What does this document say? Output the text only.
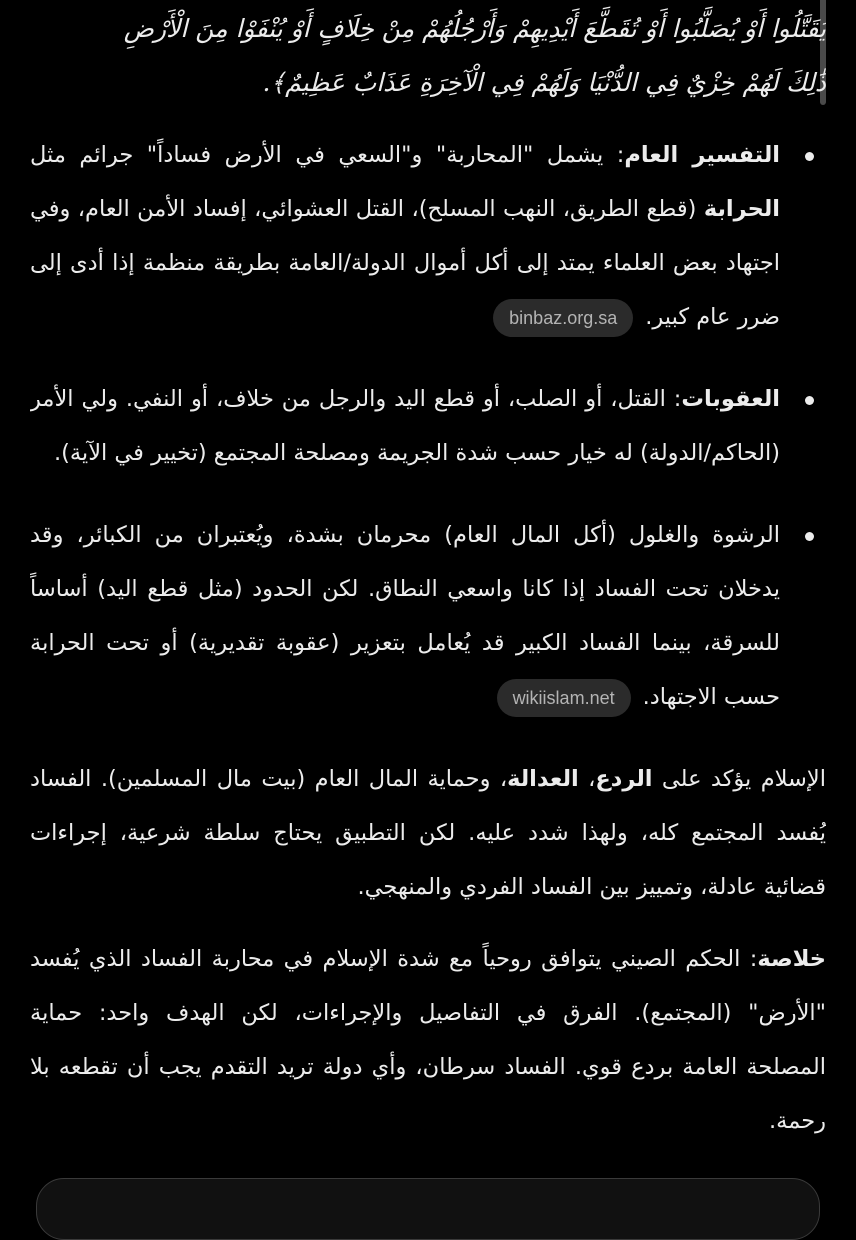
يُقَتَّلُوا أَوْ يُصَلَّبُوا أَوْ تُقَطَّعَ أَيْدِيهِمْ وَأَرْجُلُهُمْ مِنْ خِلَافٍ أَوْ يُنْفَوْا مِنَ الْأَرْضِ
ذَٰلِكَ لَهُمْ خِزْيٌ فِي الدُّنْيَا وَلَهُمْ فِي الْآخِرَةِ عَذَابٌ عَظِيمٌ﴾.
التفسير العام: يشمل "المحاربة" و"السعي في الأرض فساداً" جرائم مثل الحرابة (قطع الطريق، النهب المسلح)، القتل العشوائي، إفساد الأمن العام، وفي اجتهاد بعض العلماء يمتد إلى أكل أموال الدولة/العامة بطريقة منظمة إذا أدى إلى ضرر عام كبير.binbaz.org.sa
العقوبات: القتل، أو الصلب، أو قطع اليد والرجل من خلاف، أو النفي. ولي الأمر (الحاكم/الدولة) له خيار حسب شدة الجريمة ومصلحة المجتمع (تخيير في الآية).
الرشوة والغلول (أكل المال العام) محرمان بشدة، ويُعتبران من الكبائر، وقد يدخلان تحت الفساد إذا كانا واسعي النطاق. لكن الحدود (مثل قطع اليد) أساساً للسرقة، بينما الفساد الكبير قد يُعامل بتعزير (عقوبة تقديرية) أو تحت الحرابة حسب الاجتهاد.wikiislam.net

الإسلام يؤكد على الردع، العدالة، وحماية المال العام (بيت مال المسلمين). الفساد يُفسد المجتمع كله، ولهذا شدد عليه. لكن التطبيق يحتاج سلطة شرعية، إجراءات قضائية عادلة، وتمييز بين الفساد الفردي والمنهجي.

خلاصة: الحكم الصيني يتوافق روحياً مع شدة الإسلام في محاربة الفساد الذي يُفسد "الأرض" (المجتمع). الفرق في التفاصيل والإجراءات، لكن الهدف واحد: حماية المصلحة العامة بردع قوي. الفساد سرطان، وأي دولة تريد التقدم يجب أن تقطعه بلا رحمة.
